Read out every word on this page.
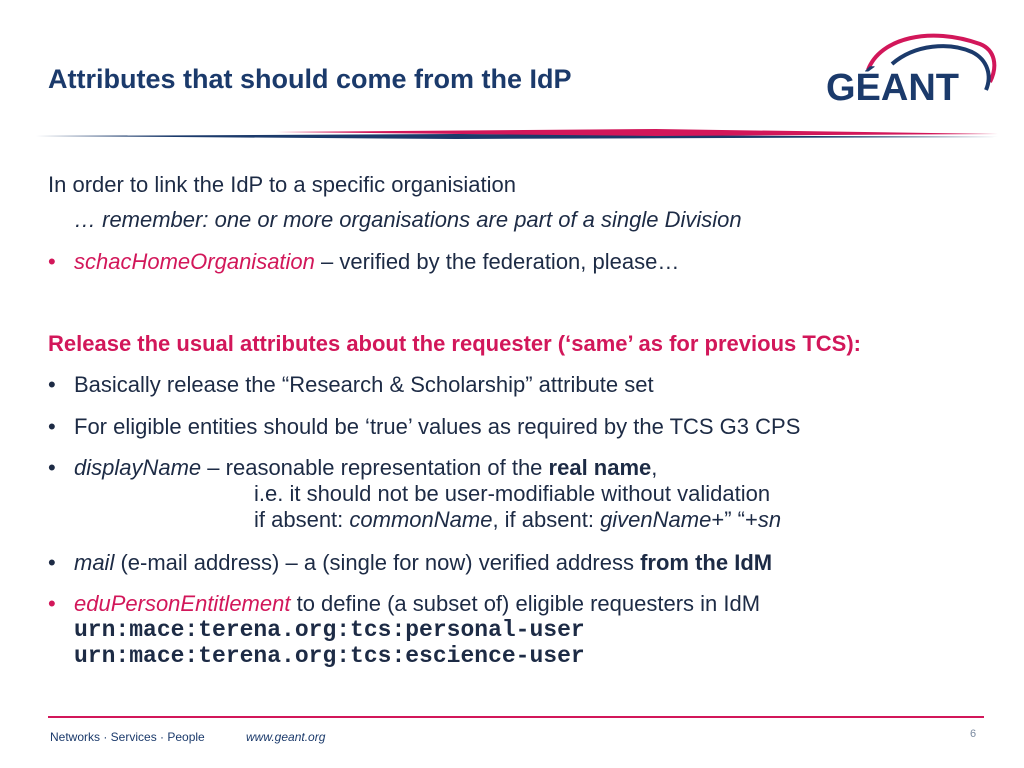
Attributes that should come from the IdP	GÉANT
In order to link the IdP to a specific organisiation
… remember: one or more organisations are part of a single Division
• schacHomeOrganisation – verified by the federation, please…
Release the usual attributes about the requester (‘same’ as for previous TCS):
• Basically release the “Research & Scholarship” attribute set
• For eligible entities should be ‘true’ values as required by the TCS G3 CPS
• displayName – reasonable representation of the real name,
i.e. it should not be user-modifiable without validation
if absent: commonName, if absent: givenName+” “+sn
• mail (e-mail address) – a (single for now) verified address from the IdM
• eduPersonEntitlement to define (a subset of) eligible requesters in IdM
urn:mace:terena.org:tcs:personal-user
urn:mace:terena.org:tcs:escience-user
Networks · Services · People	www.geant.org	6
